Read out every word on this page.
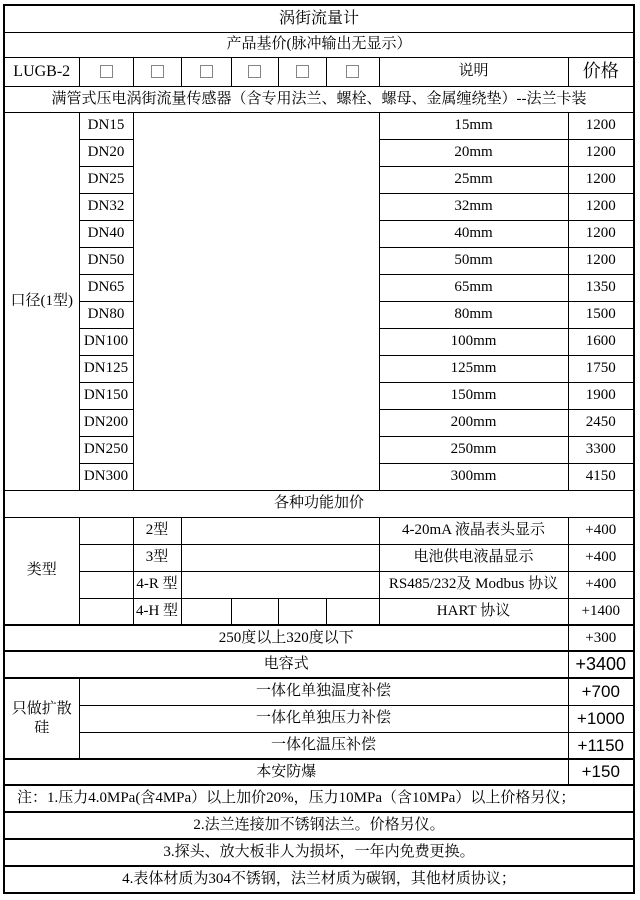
涡街流量计								
产品基价(脉冲输出无显示）								
LUGB-2							说明	价格
满管式压电涡街流量传感器（含专用法兰、螺栓、螺母、金属缠绕垫）--法兰卡装								
口径(1型)	DN15						15mm	1200
	DN20						20mm	1200
	DN25						25mm	1200
	DN32						32mm	1200
	DN40						40mm	1200
	DN50						50mm	1200
	DN65						65mm	1350
	DN80						80mm	1500
	DN100						100mm	1600
	DN125						125mm	1750
	DN150						150mm	1900
	DN200						200mm	2450
	DN250						250mm	3300
	DN300						300mm	4150
各种功能加价								
类型		2型					4-20mA 液晶表头显示	+400
		3型					电池供电液晶显示	+400
		4-R 型					RS485/232及 Modbus 协议	+400
		4-H 型					HART 协议	+1400
250度以上320度以下								+300
电容式								+3400
只做扩散硅	一体化单独温度补偿							+700
	一体化单独压力补偿							+1000
	一体化温压补偿							+1150
本安防爆								+150
注：1.压力4.0MPa(含4MPa）以上加价20%，压力10MPa（含10MPa）以上价格另仪；								
2.法兰连接加不锈钢法兰。价格另仪。								
3.探头、放大板非人为损坏，一年内免费更换。								
4.表体材质为304不锈钢，法兰材质为碳钢，其他材质协议；								
